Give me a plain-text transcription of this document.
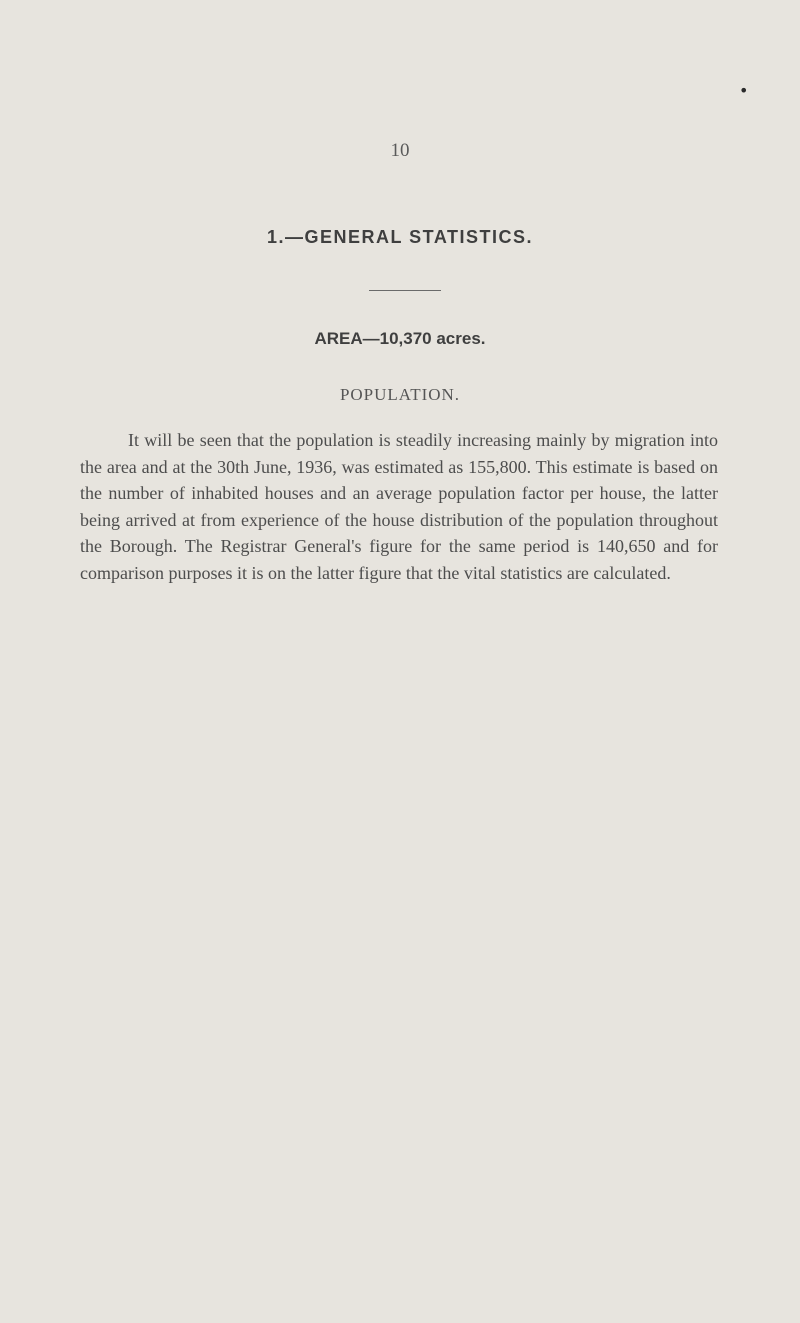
•
10
1.—GENERAL STATISTICS.
AREA—10,370 acres.
POPULATION.

It will be seen that the population is steadily increasing mainly by migration into the area and at the 30th June, 1936, was estimated as 155,800. This estimate is based on the number of inhabited houses and an average population factor per house, the latter being arrived at from experience of the house distribution of the population throughout the Borough. The Registrar General's figure for the same period is 140,650 and for comparison purposes it is on the latter figure that the vital statistics are calculated.
